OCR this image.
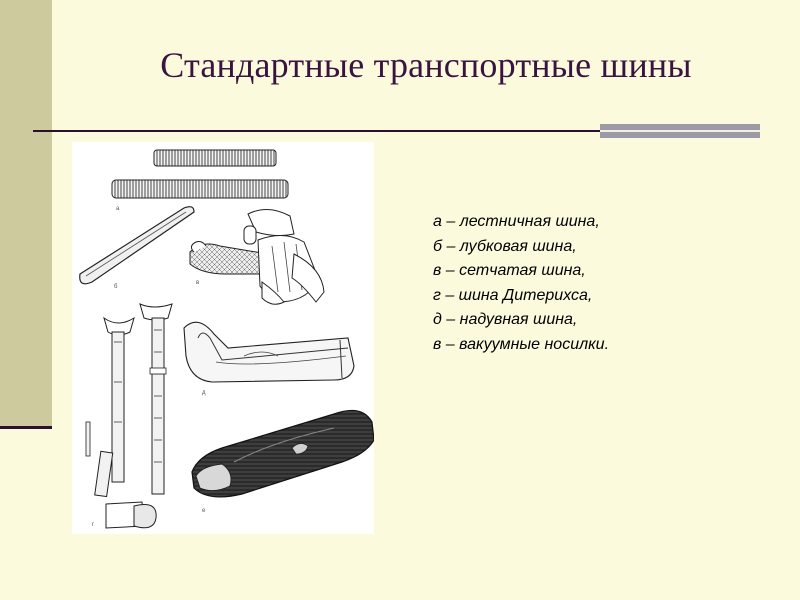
Стандартные транспортные шины
а
б
в
г
д
е
а – лестничная шина,
б – лубковая шина,
в – сетчатая шина,
г – шина Дитерихса,
д – надувная шина,
в – вакуумные носилки.
